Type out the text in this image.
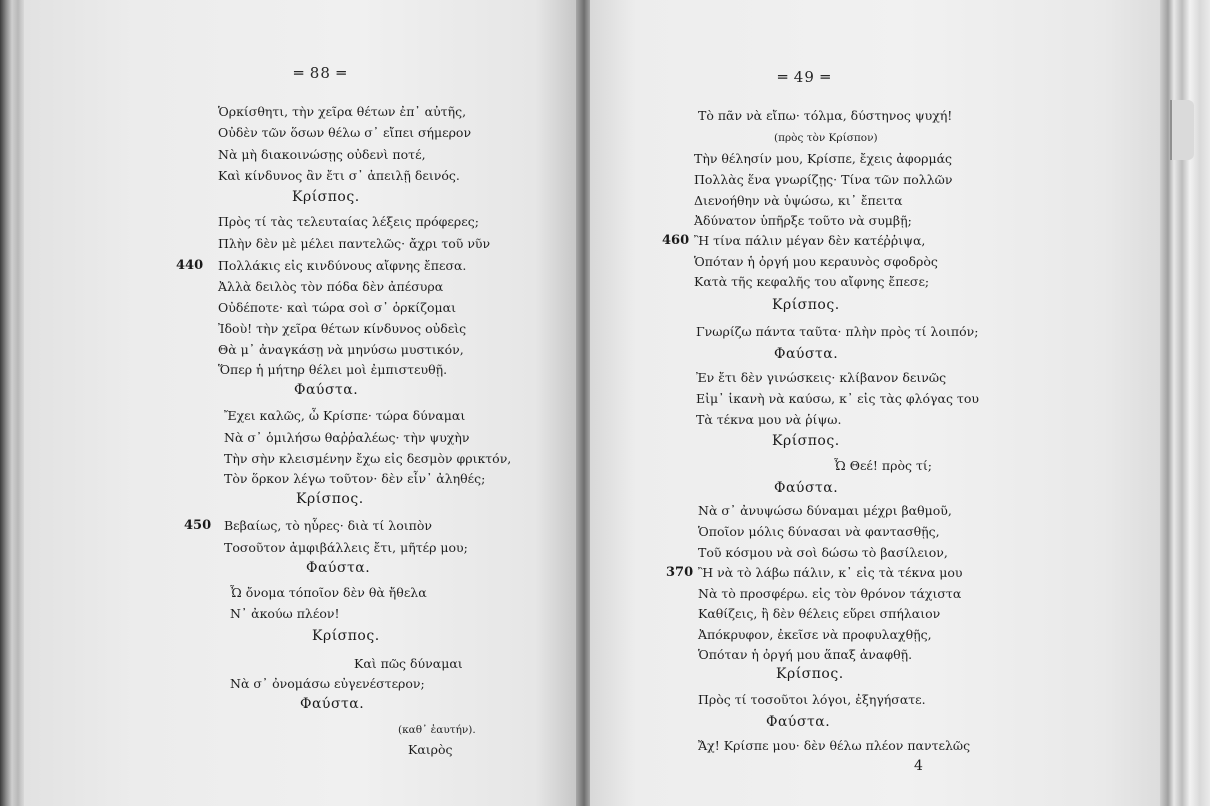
═ 88 ═
Ὁρκίσθητι, τὴν χεῖρα θέτων ἐπ᾽ αὐτῆς,
Οὐδὲν τῶν ὅσων θέλω σ᾽ εἴπει σήμερον
Νὰ μὴ διακοινώσῃς οὐδενὶ ποτέ,
Καὶ κίνδυνος ἂν ἔτι σ᾽ ἀπειλῇ δεινός.
Κρίσπος.
Πρὸς τί τὰς τελευταίας λέξεις πρόφερες;
Πλὴν δὲν μὲ μέλει παντελῶς· ἄχρι τοῦ νῦν
440 Πολλάκις εἰς κινδύνους αἴφνης ἔπεσα.
Ἀλλὰ δειλὸς τὸν πόδα δὲν ἀπέσυρα
Οὐδέποτε· καὶ τώρα σοὶ σ᾽ ὁρκίζομαι
Ἰδοὺ! τὴν χεῖρα θέτων κίνδυνος οὐδεὶς
Θὰ μ᾽ ἀναγκάσῃ νὰ μηνύσω μυστικόν,
Ὅπερ ἡ μήτηρ θέλει μοὶ ἐμπιστευθῇ.
Φαύστα.
Ἔχει καλῶς, ὦ Κρίσπε· τώρα δύναμαι
Νὰ σ᾽ ὁμιλήσω θαῤῥαλέως· τὴν ψυχὴν
Τὴν σὴν κλεισμένην ἔχω εἰς δεσμὸν φρικτόν,
Τὸν ὅρκον λέγω τοῦτον· δὲν εἶν᾽ ἀληθές;
Κρίσπος.
450 Βεβαίως, τὸ ηὗρες· διὰ τί λοιπὸν
Τοσοῦτον ἀμφιβάλλεις ἔτι, μῆτέρ μου;
Φαύστα.
Ὦ ὄνομα τόποῖον δὲν θὰ ἤθελα
Ν᾽ ἀκούω πλέον!
Κρίσπος.
Καὶ πῶς δύναμαι
Νὰ σ᾽ ὀνομάσω εὐγενέστερον;
Φαύστα.
(καθ᾽ ἑαυτήν).
Καιρὸς
═ 49 ═
Τὸ πᾶν νὰ εἴπω· τόλμα, δύστηνος ψυχή!
(πρὸς τὸν Κρίσπον)
Τὴν θέλησίν μου, Κρίσπε, ἔχεις ἀφορμάς
Πολλὰς ἕνα γνωρίζῃς· Τίνα τῶν πολλῶν
Διενοήθην νὰ ὑψώσω, κι᾽ ἔπειτα
Ἀδύνατον ὑπῆρξε τοῦτο νὰ συμβῇ;
460 Ἢ τίνα πάλιν μέγαν δὲν κατέῤῥιψα,
Ὁπόταν ἡ ὀργή μου κεραυνὸς σφοδρὸς
Κατὰ τῆς κεφαλῆς του αἴφνης ἔπεσε;
Κρίσπος.
Γνωρίζω πάντα ταῦτα· πλὴν πρὸς τί λοιπόν;
Φαύστα.
Ἐν ἔτι δὲν γινώσκεις· κλίβανον δεινῶς
Εἰμ᾽ ἱκανὴ νὰ καύσω, κ᾽ εἰς τὰς φλόγας του
Τὰ τέκνα μου νὰ ῥίψω.
Κρίσπος.
Ὦ Θεέ! πρὸς τί;
Φαύστα.
Νὰ σ᾽ ἀνυψώσω δύναμαι μέχρι βαθμοῦ,
Ὁποῖον μόλις δύνασαι νὰ φαντασθῇς,
Τοῦ κόσμου νὰ σοὶ δώσω τὸ βασίλειον,
370 Ἢ νὰ τὸ λάβω πάλιν, κ᾽ εἰς τὰ τέκνα μου
Νὰ τὸ προσφέρω. εἰς τὸν θρόνον τάχιστα
Καθίζεις, ἢ δὲν θέλεις εὕρει σπήλαιον
Ἀπόκρυφον, ἐκεῖσε νὰ προφυλαχθῇς,
Ὁπόταν ἡ ὀργή μου ἅπαξ ἀναφθῇ.
Κρίσπος.
Πρὸς τί τοσοῦτοι λόγοι, ἐξηγήσατε.
Φαύστα.
Ἄχ! Κρίσπε μου· δὲν θέλω πλέον παντελῶς
4
